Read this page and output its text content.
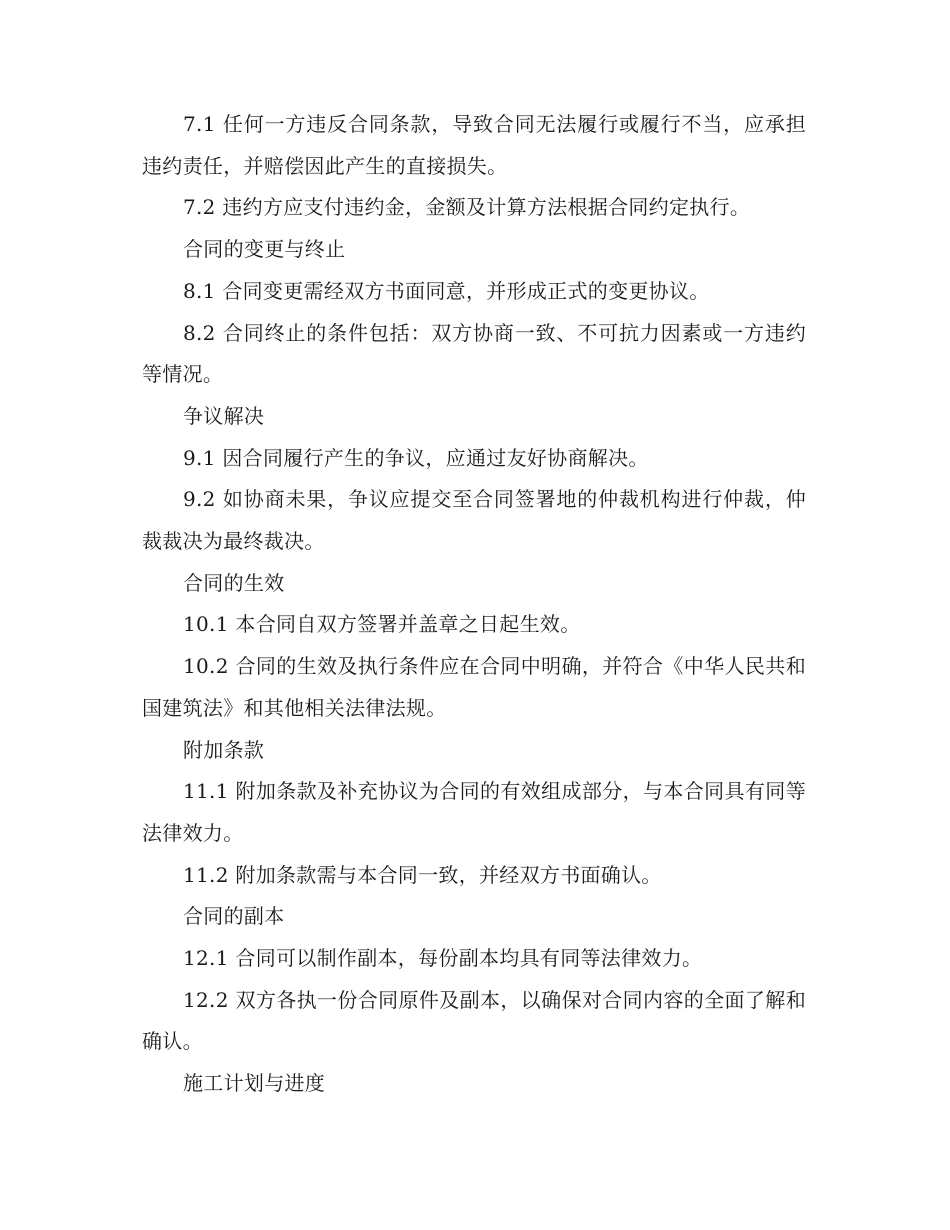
7.1 任何一方违反合同条款，导致合同无法履行或履行不当，应承担违约责任，并赔偿因此产生的直接损失。

7.2 违约方应支付违约金，金额及计算方法根据合同约定执行。

合同的变更与终止

8.1 合同变更需经双方书面同意，并形成正式的变更协议。

8.2 合同终止的条件包括：双方协商一致、不可抗力因素或一方违约等情况。

争议解决

9.1 因合同履行产生的争议，应通过友好协商解决。

9.2 如协商未果，争议应提交至合同签署地的仲裁机构进行仲裁，仲裁裁决为最终裁决。

合同的生效

10.1 本合同自双方签署并盖章之日起生效。

10.2 合同的生效及执行条件应在合同中明确，并符合《中华人民共和国建筑法》和其他相关法律法规。

附加条款

11.1 附加条款及补充协议为合同的有效组成部分，与本合同具有同等法律效力。

11.2 附加条款需与本合同一致，并经双方书面确认。

合同的副本

12.1 合同可以制作副本，每份副本均具有同等法律效力。

12.2 双方各执一份合同原件及副本，以确保对合同内容的全面了解和确认。

施工计划与进度
